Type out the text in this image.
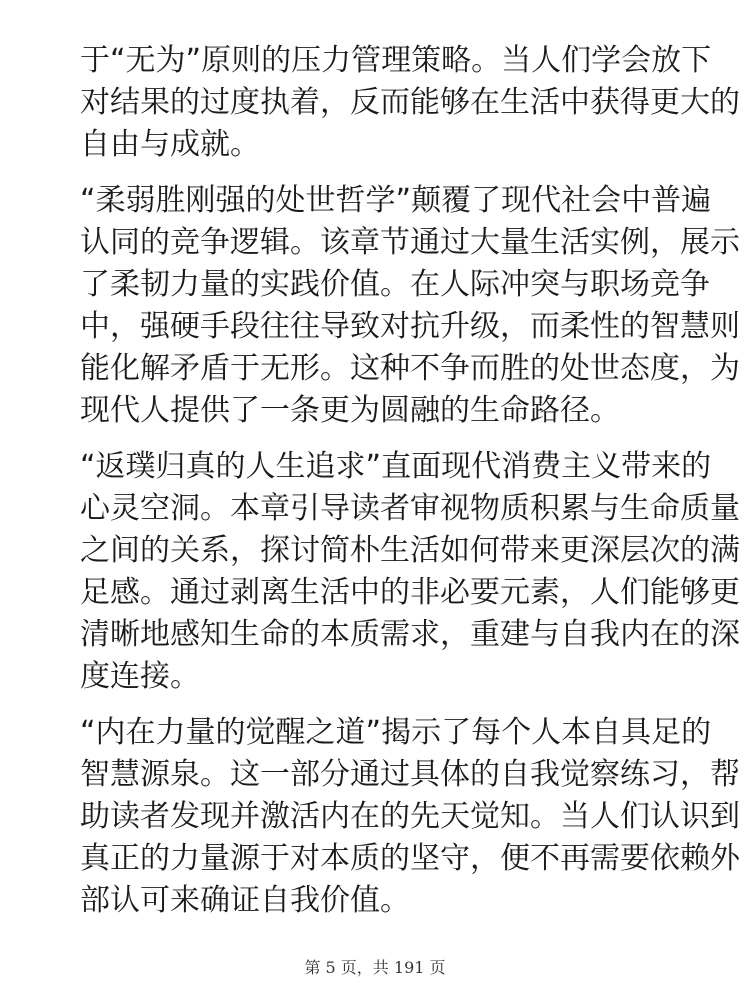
于“无为”原则的压力管理策略。当人们学会放下
对结果的过度执着，反而能够在生活中获得更大的
自由与成就。

“柔弱胜刚强的处世哲学”颠覆了现代社会中普遍
认同的竞争逻辑。该章节通过大量生活实例，展示
了柔韧力量的实践价值。在人际冲突与职场竞争
中，强硬手段往往导致对抗升级，而柔性的智慧则
能化解矛盾于无形。这种不争而胜的处世态度，为
现代人提供了一条更为圆融的生命路径。

“返璞归真的人生追求”直面现代消费主义带来的
心灵空洞。本章引导读者审视物质积累与生命质量
之间的关系，探讨简朴生活如何带来更深层次的满
足感。通过剥离生活中的非必要元素，人们能够更
清晰地感知生命的本质需求，重建与自我内在的深
度连接。

“内在力量的觉醒之道”揭示了每个人本自具足的
智慧源泉。这一部分通过具体的自我觉察练习，帮
助读者发现并激活内在的先天觉知。当人们认识到
真正的力量源于对本质的坚守，便不再需要依赖外
部认可来确证自我价值。

第 5 页，共 191 页
